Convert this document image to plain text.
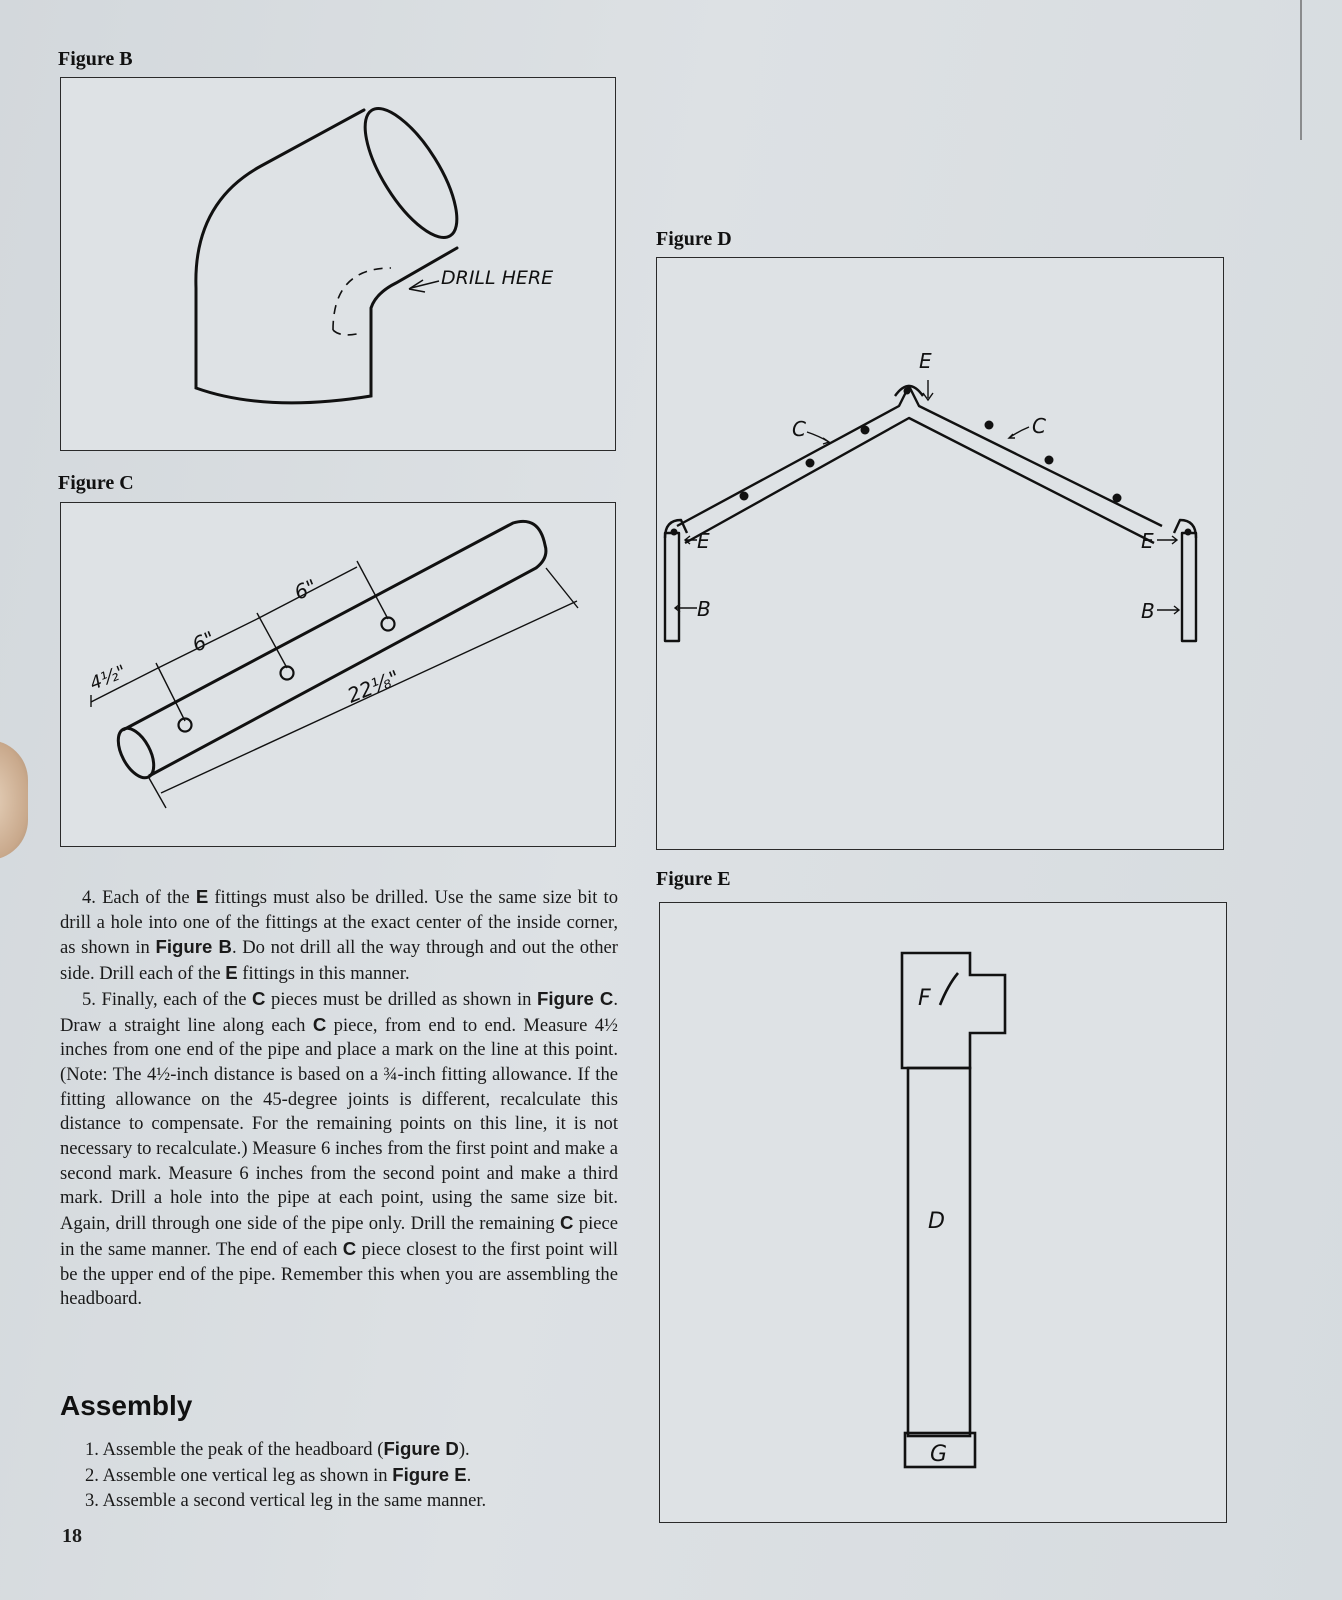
Figure B
DRILL HERE
Figure C
4½"
6"
6"
22⅛"
Figure D
E
C	C
E	E
B	B
Figure E
F
D
G

4. Each of the E fittings must also be drilled. Use the same size bit to drill a hole into one of the fittings at the exact center of the inside corner, as shown in Figure B. Do not drill all the way through and out the other side. Drill each of the E fittings in this manner.

5. Finally, each of the C pieces must be drilled as shown in Figure C. Draw a straight line along each C piece, from end to end. Measure 4½ inches from one end of the pipe and place a mark on the line at this point. (Note: The 4½-inch distance is based on a ¾-inch fitting allowance. If the fitting allowance on the 45-degree joints is different, recalculate this distance to compensate. For the remaining points on this line, it is not necessary to recalculate.) Measure 6 inches from the first point and make a second mark. Measure 6 inches from the second point and make a third mark. Drill a hole into the pipe at each point, using the same size bit. Again, drill through one side of the pipe only. Drill the remaining C piece in the same manner. The end of each C piece closest to the first point will be the upper end of the pipe. Remember this when you are assembling the headboard.

Assembly
1. Assemble the peak of the headboard (Figure D).
2. Assemble one vertical leg as shown in Figure E.
3. Assemble a second vertical leg in the same manner.
18
